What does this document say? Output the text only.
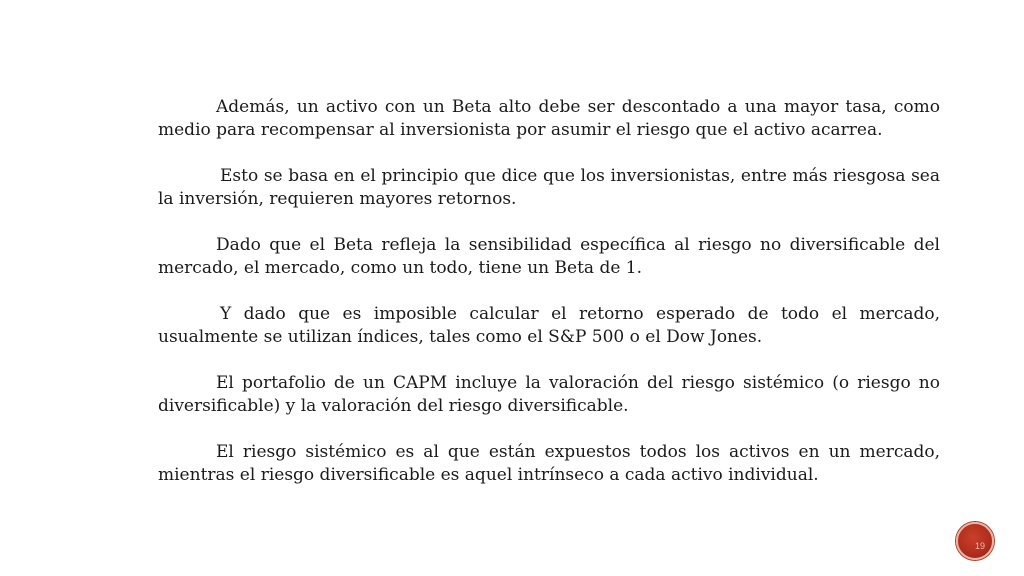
Además, un activo con un Beta alto debe ser descontado a una mayor tasa, como medio para recompensar al inversionista por asumir el riesgo que el activo acarrea.

Esto se basa en el principio que dice que los inversionistas, entre más riesgosa sea la inversión, requieren mayores retornos.

Dado que el Beta refleja la sensibilidad específica al riesgo no diversificable del mercado, el mercado, como un todo, tiene un Beta de 1.

Y dado que es imposible calcular el retorno esperado de todo el mercado, usualmente se utilizan índices, tales como el S&P 500 o el Dow Jones.

El portafolio de un CAPM incluye la valoración del riesgo sistémico (o riesgo no diversificable) y la valoración del riesgo diversificable.

El riesgo sistémico es al que están expuestos todos los activos en un mercado, mientras el riesgo diversificable es aquel intrínseco a cada activo individual.

19
